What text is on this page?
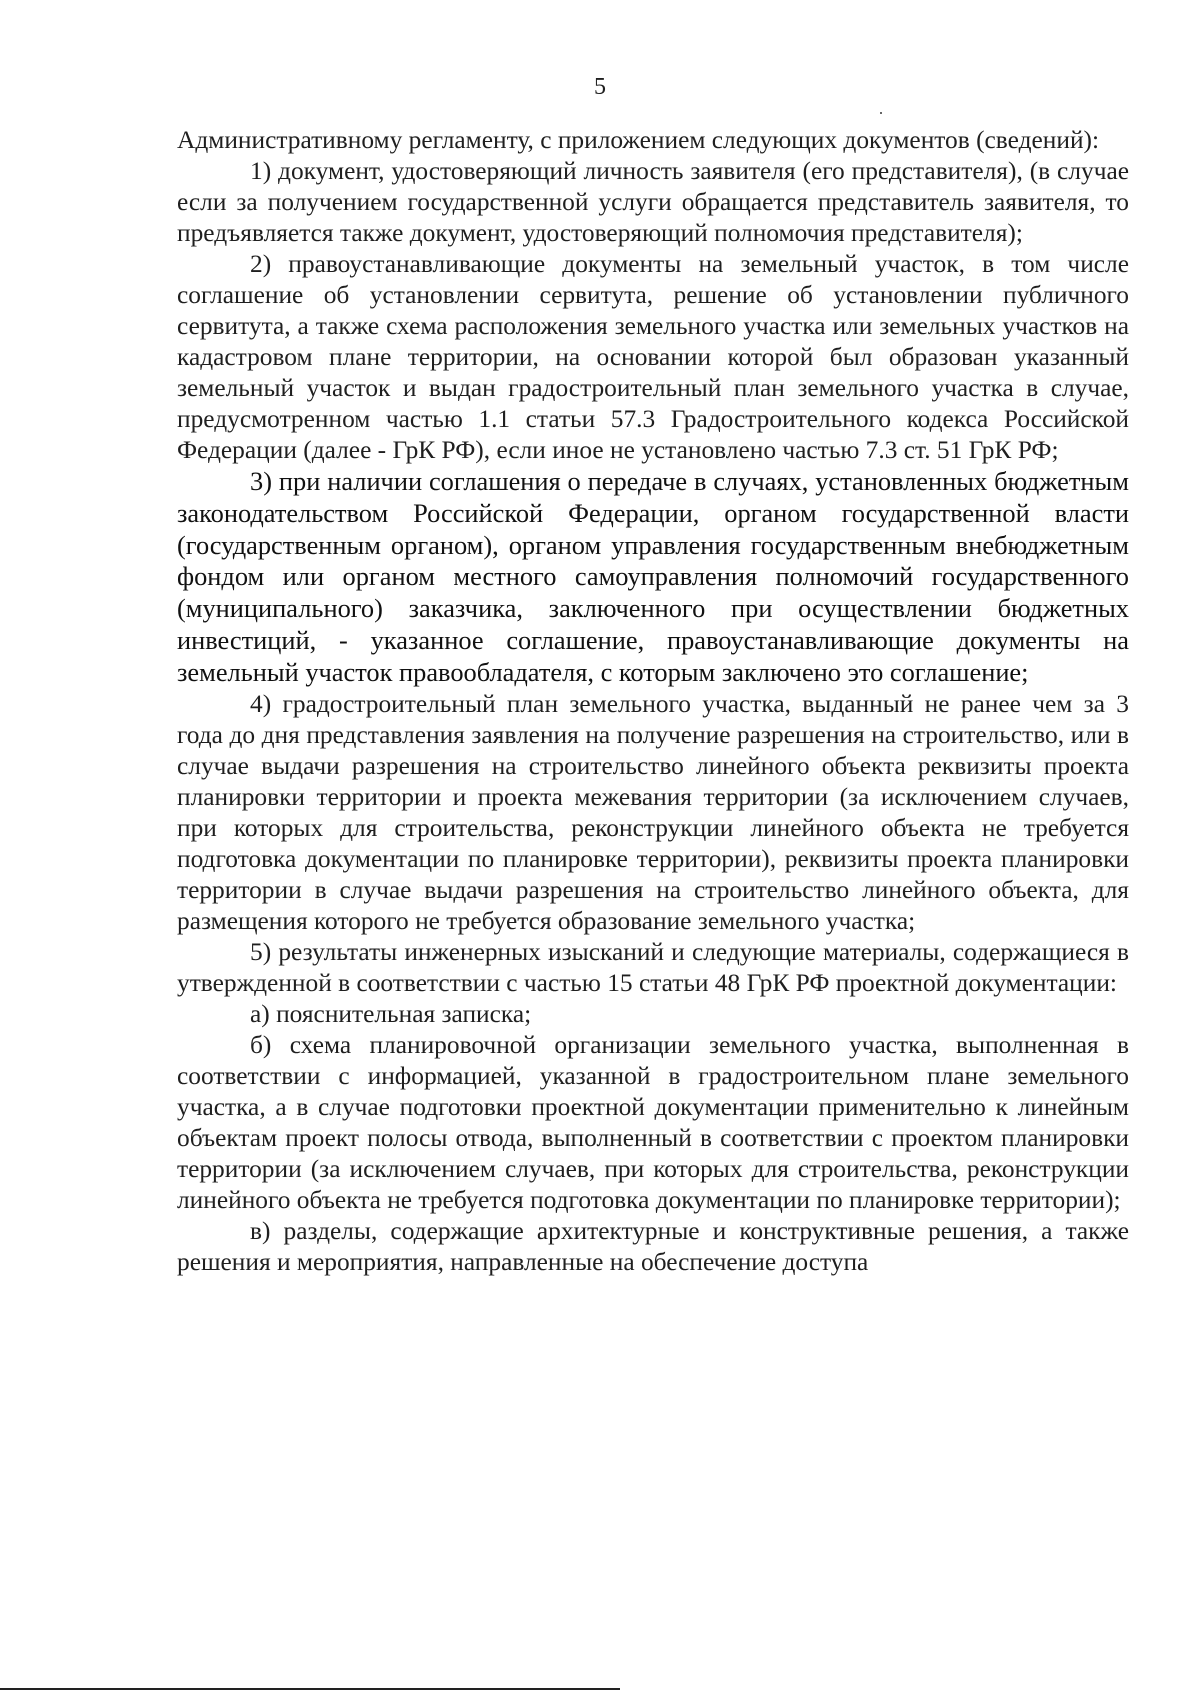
5

Административному регламенту, с приложением следующих документов (сведений):

1) документ, удостоверяющий личность заявителя (его представителя), (в случае если за получением государственной услуги обращается представитель заявителя, то предъявляется также документ, удостоверяющий полномочия представителя);

2) правоустанавливающие документы на земельный участок, в том числе соглашение об установлении сервитута, решение об установлении публичного сервитута, а также схема расположения земельного участка или земельных участков на кадастровом плане территории, на основании которой был образован указанный земельный участок и выдан градостроительный план земельного участка в случае, предусмотренном частью 1.1 статьи 57.3 Градостроительного кодекса Российской Федерации (далее - ГрК РФ), если иное не установлено частью 7.3 ст. 51 ГрК РФ;

3) при наличии соглашения о передаче в случаях, установленных бюджетным законодательством Российской Федерации, органом государственной власти (государственным органом), органом управления государственным внебюджетным фондом или органом местного самоуправления полномочий государственного (муниципального) заказчика, заключенного при осуществлении бюджетных инвестиций, - указанное соглашение, правоустанавливающие документы на земельный участок правообладателя, с которым заключено это соглашение;

4) градостроительный план земельного участка, выданный не ранее чем за 3 года до дня представления заявления на получение разрешения на строительство, или в случае выдачи разрешения на строительство линейного объекта реквизиты проекта планировки территории и проекта межевания территории (за исключением случаев, при которых для строительства, реконструкции линейного объекта не требуется подготовка документации по планировке территории), реквизиты проекта планировки территории в случае выдачи разрешения на строительство линейного объекта, для размещения которого не требуется образование земельного участка;

5) результаты инженерных изысканий и следующие материалы, содержащиеся в утвержденной в соответствии с частью 15 статьи 48 ГрК РФ проектной документации:

а) пояснительная записка;

б) схема планировочной организации земельного участка, выполненная в соответствии с информацией, указанной в градостроительном плане земельного участка, а в случае подготовки проектной документации применительно к линейным объектам проект полосы отвода, выполненный в соответствии с проектом планировки территории (за исключением случаев, при которых для строительства, реконструкции линейного объекта не требуется подготовка документации по планировке территории);

в) разделы, содержащие архитектурные и конструктивные решения, а также решения и мероприятия, направленные на обеспечение доступа
